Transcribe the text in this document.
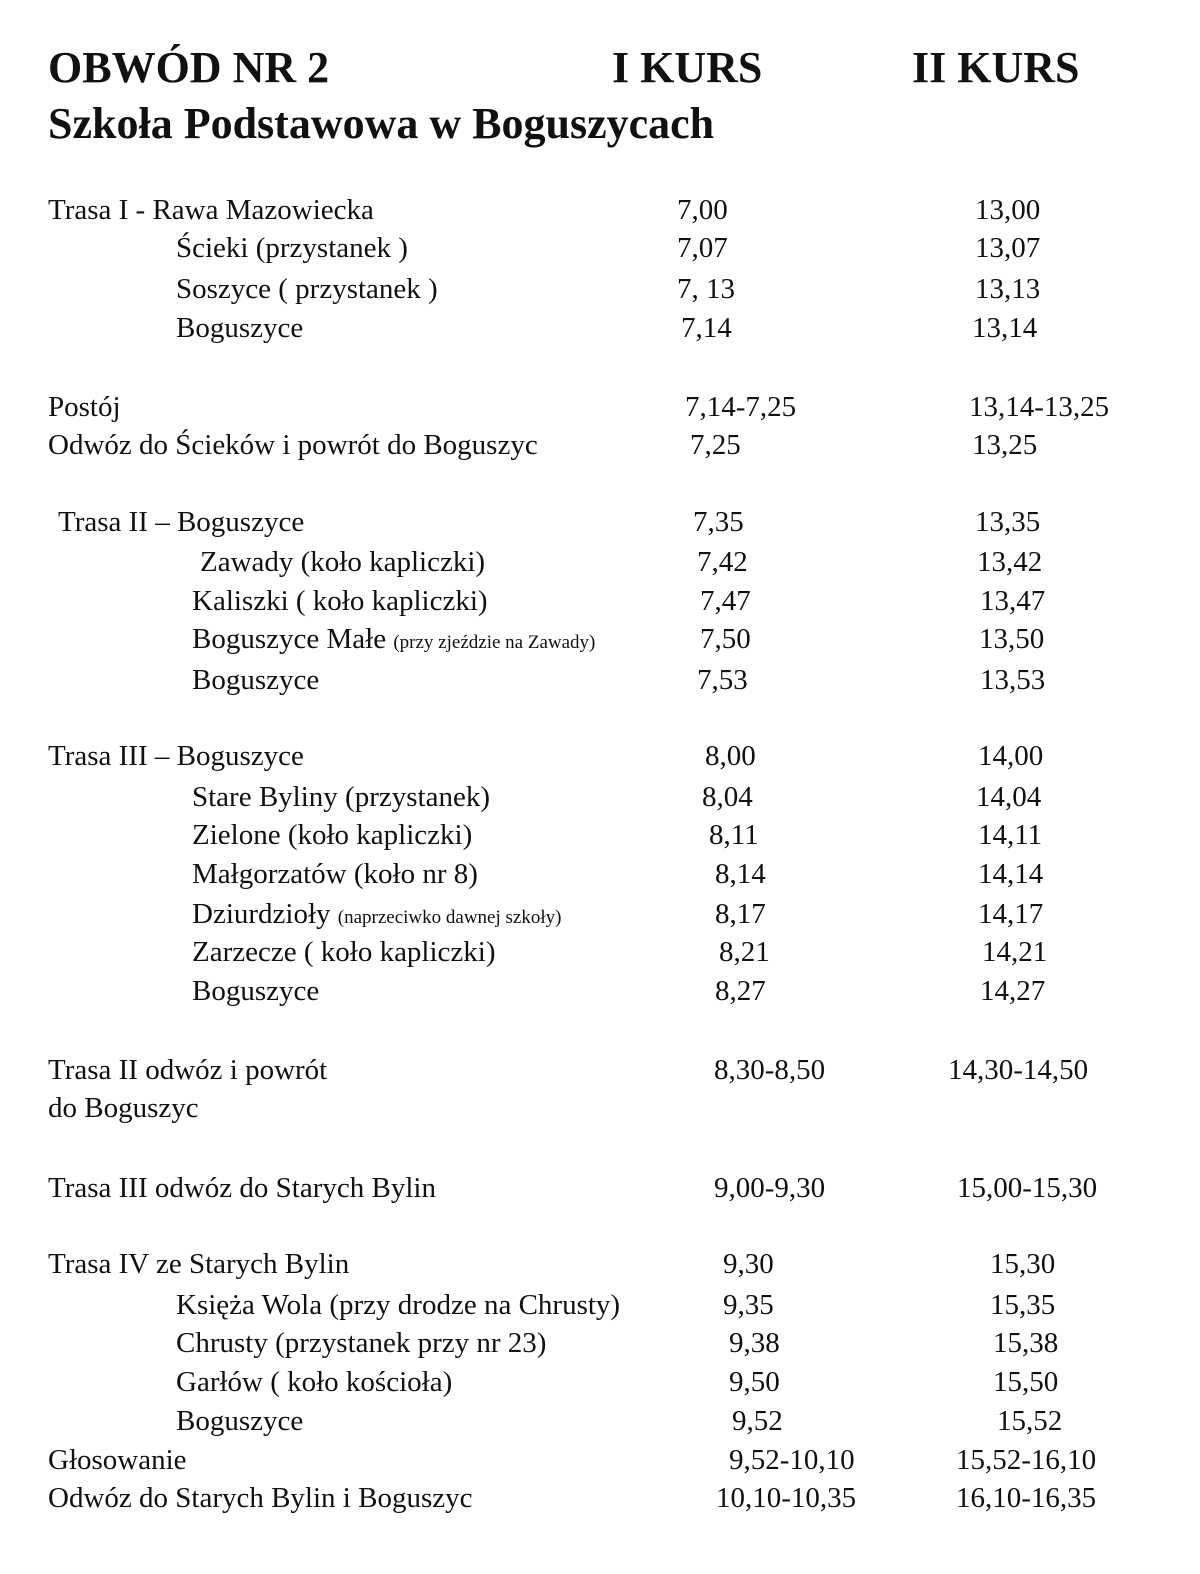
OBWÓD NR 2	I KURS	II KURS
Szkoła Podstawowa w Boguszycach
Trasa I - Rawa Mazowiecka	7,00	13,00
Ścieki (przystanek )	7,07	13,07
Soszyce ( przystanek )	7, 13	13,13
Boguszyce	7,14	13,14
Postój	7,14-7,25	13,14-13,25
Odwóz do Ścieków i powrót do Boguszyc	7,25	13,25
Trasa II – Boguszyce	7,35	13,35
Zawady (koło kapliczki)	7,42	13,42
Kaliszki ( koło kapliczki)	7,47	13,47
Boguszyce Małe (przy zjeździe na Zawady)	7,50	13,50
Boguszyce	7,53	13,53
Trasa III – Boguszyce	8,00	14,00
Stare Byliny (przystanek)	8,04	14,04
Zielone (koło kapliczki)	8,11	14,11
Małgorzatów (koło nr 8)	8,14	14,14
Dziurdzioły (naprzeciwko dawnej szkoły)	8,17	14,17
Zarzecze ( koło kapliczki)	8,21	14,21
Boguszyce	8,27	14,27
Trasa II odwóz i powrót	8,30-8,50	14,30-14,50
do Boguszyc
Trasa III odwóz do Starych Bylin	9,00-9,30	15,00-15,30
Trasa IV ze Starych Bylin	9,30	15,30
Księża Wola (przy drodze na Chrusty)	9,35	15,35
Chrusty (przystanek przy nr 23)	9,38	15,38
Garłów ( koło kościoła)	9,50	15,50
Boguszyce	9,52	15,52
Głosowanie	9,52-10,10	15,52-16,10
Odwóz do Starych Bylin i Boguszyc	10,10-10,35	16,10-16,35
